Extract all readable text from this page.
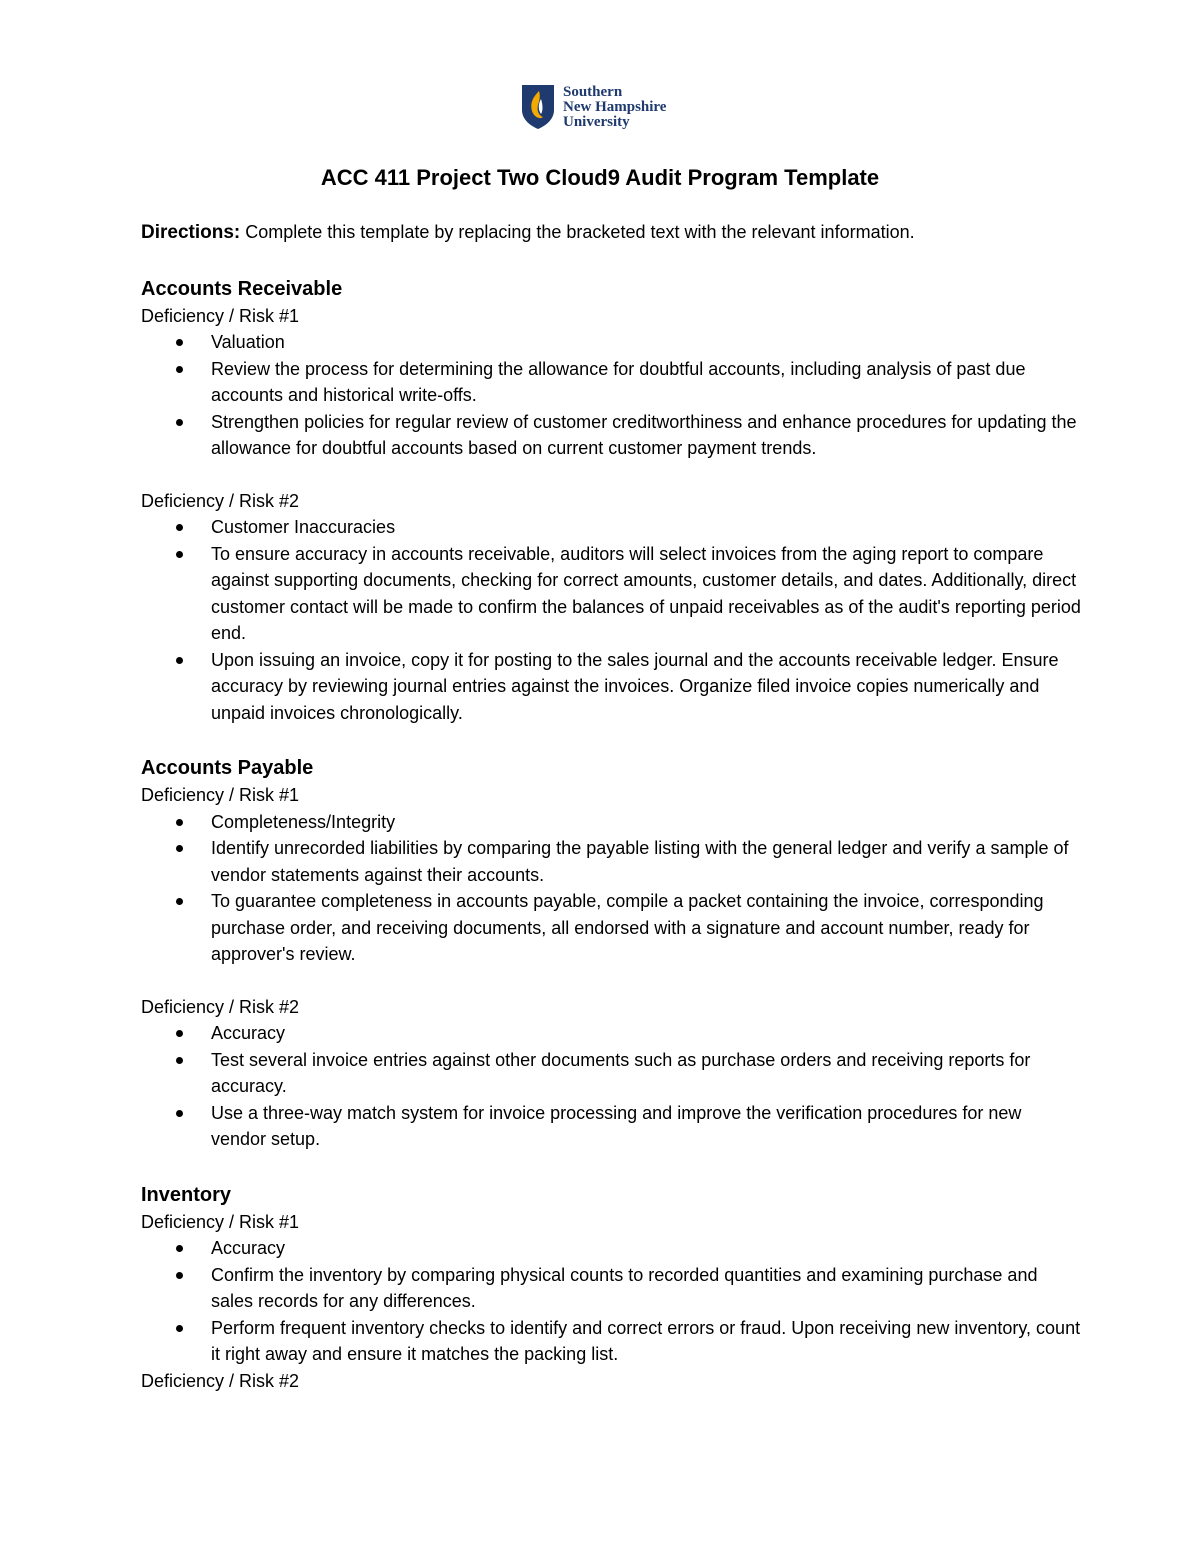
Southern
New Hampshire
University
ACC 411 Project Two Cloud9 Audit Program Template

Directions: Complete this template by replacing the bracketed text with the relevant information.

Accounts Receivable
Deficiency / Risk #1
Valuation
Review the process for determining the allowance for doubtful accounts, including analysis of past due accounts and historical write-offs.
Strengthen policies for regular review of customer creditworthiness and enhance procedures for updating the allowance for doubtful accounts based on current customer payment trends.
Deficiency / Risk #2
Customer Inaccuracies
To ensure accuracy in accounts receivable, auditors will select invoices from the aging report to compare against supporting documents, checking for correct amounts, customer details, and dates. Additionally, direct customer contact will be made to confirm the balances of unpaid receivables as of the audit's reporting period end.
Upon issuing an invoice, copy it for posting to the sales journal and the accounts receivable ledger. Ensure accuracy by reviewing journal entries against the invoices. Organize filed invoice copies numerically and unpaid invoices chronologically.
Accounts Payable
Deficiency / Risk #1
Completeness/Integrity
Identify unrecorded liabilities by comparing the payable listing with the general ledger and verify a sample of vendor statements against their accounts.
To guarantee completeness in accounts payable, compile a packet containing the invoice, corresponding purchase order, and receiving documents, all endorsed with a signature and account number, ready for approver's review.
Deficiency / Risk #2
Accuracy
Test several invoice entries against other documents such as purchase orders and receiving reports for accuracy.
Use a three-way match system for invoice processing and improve the verification procedures for new vendor setup.
Inventory
Deficiency / Risk #1
Accuracy
Confirm the inventory by comparing physical counts to recorded quantities and examining purchase and sales records for any differences.
Perform frequent inventory checks to identify and correct errors or fraud. Upon receiving new inventory, count it right away and ensure it matches the packing list.
Deficiency / Risk #2
